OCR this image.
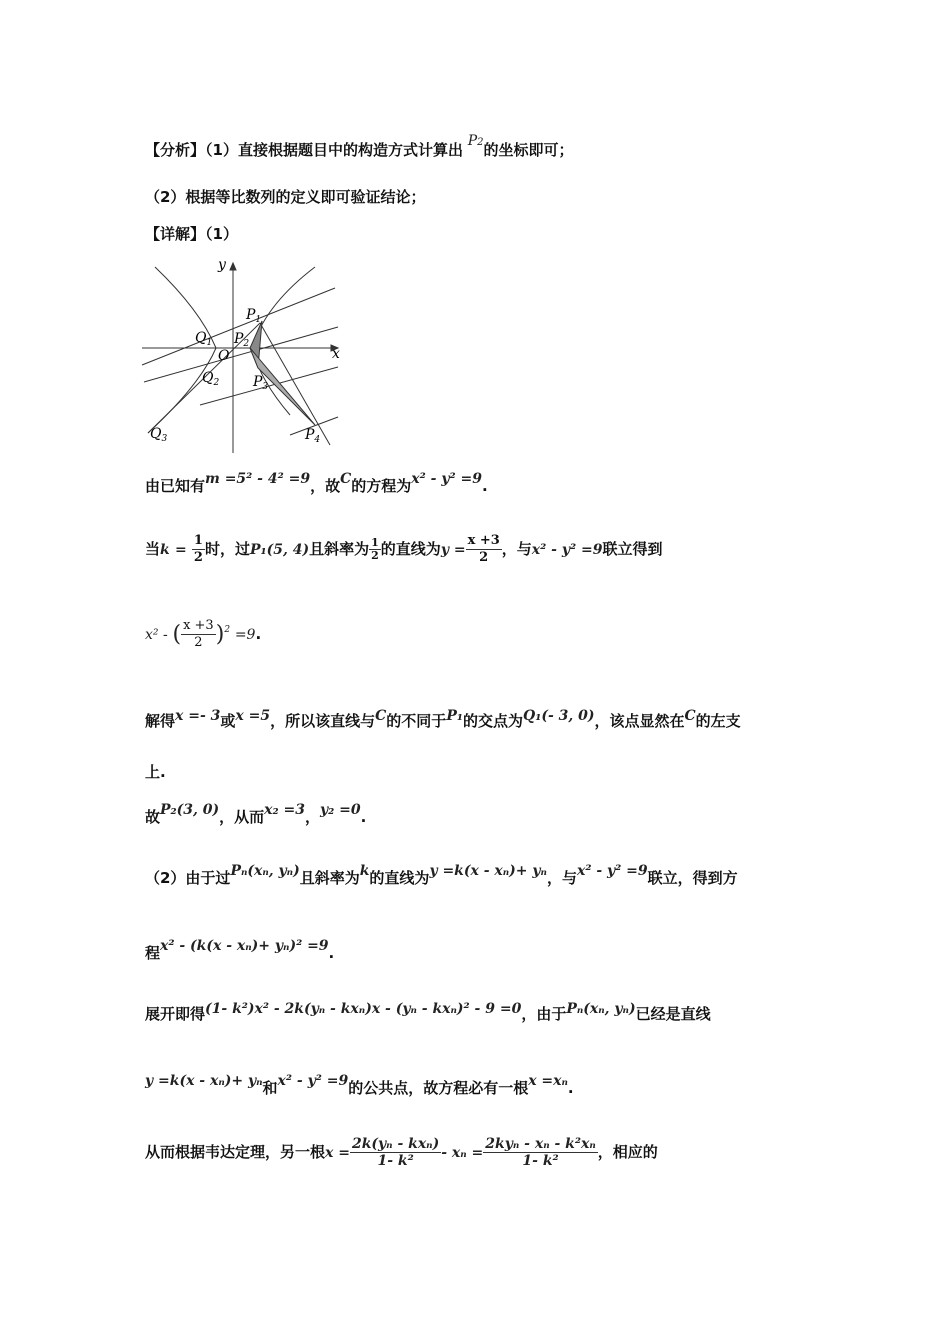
【分析】（1）直接根据题目中的构造方式计算出 P2的坐标即可；
（2）根据等比数列的定义即可验证结论；
【详解】（1）
y
x
O
$P_1$
$P_2$
$P_3$
$P_4$
$Q_1$
$Q_2$
$Q_3$
由已知有m =5² - 4² =9，故C的方程为x² - y² =9.
当$k = \frac{1}{2}$ 时，过P₁(5, 4)且斜率为 $\frac{1}{2}$ 的直线为$y = \frac{x +3}{2}$ ，与x² - y² =9联立得到
x² - ( $\frac{x +3}{2} )^2 =9$.
解得x =- 3或x =5，所以该直线与C的不同于P₁的交点为Q₁(- 3, 0)，该点显然在C的左支
上.
故P₂(3, 0)，从而x₂ =3，y₂ =0.
（2）由于过Pₙ(xₙ, yₙ)且斜率为k的直线为y =k(x - xₙ)+ yₙ，与x² - y² =9联立，得到方
程x² - (k(x - xₙ)+ yₙ)² =9.
展开即得(1- k²)x² - 2k(yₙ - kxₙ)x - (yₙ - kxₙ)² - 9 =0，由于Pₙ(xₙ, yₙ)已经是直线
y =k(x - xₙ)+ yₙ和x² - y² =9的公共点，故方程必有一根x =xₙ.
从而根据韦达定理，另一根x =
2k(yₙ - kxₙ)
1- k² - xₙ =
2kyₙ - xₙ - k²xₙ
1- k²	，相应的
